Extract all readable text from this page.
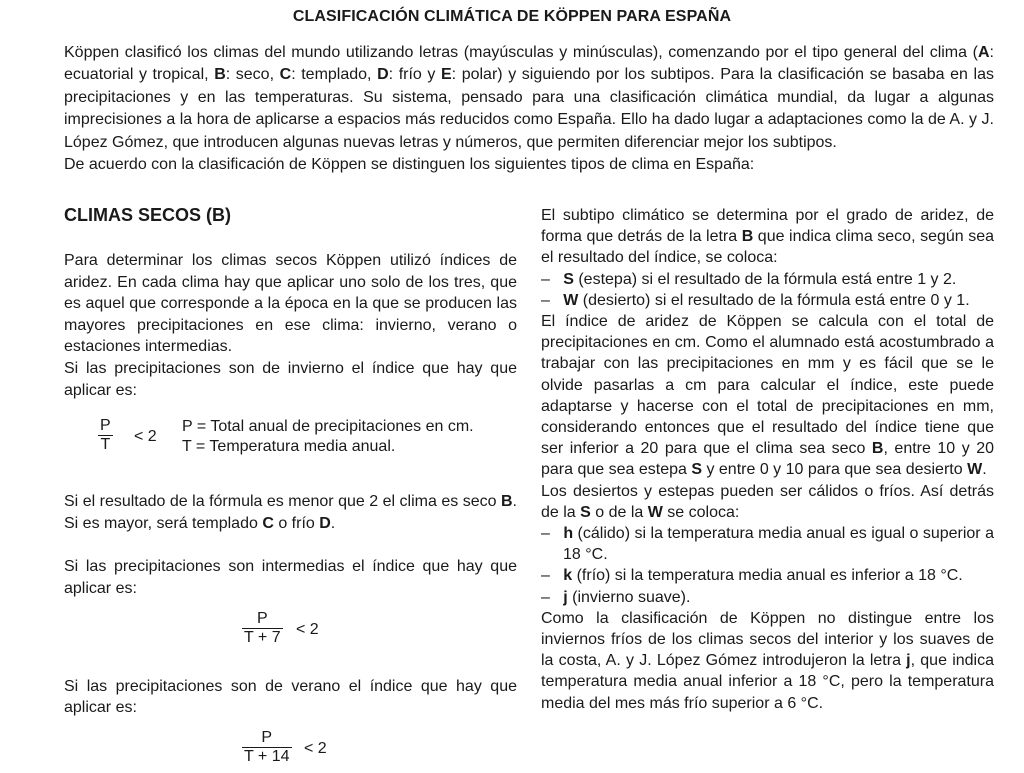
CLASIFICACIÓN CLIMÁTICA DE KÖPPEN PARA ESPAÑA

Köppen clasificó los climas del mundo utilizando letras (mayúsculas y minúsculas), comenzando por el tipo general del clima (A: ecuatorial y tropical, B: seco, C: templado, D: frío y E: polar) y siguiendo por los subtipos. Para la clasificación se basaba en las precipitaciones y en las temperaturas. Su sistema, pensado para una clasificación climática mundial, da lugar a algunas imprecisiones a la hora de aplicarse a espacios más reducidos como España. Ello ha dado lugar a adaptaciones como la de A. y J. López Gómez, que introducen algunas nuevas letras y números, que permiten diferenciar mejor los subtipos.

De acuerdo con la clasificación de Köppen se distinguen los siguientes tipos de clima en España:

CLIMAS SECOS (B)

Para determinar los climas secos Köppen utilizó índices de aridez. En cada clima hay que aplicar uno solo de los tres, que es aquel que corresponde a la época en la que se producen las mayores precipitaciones en ese clima: invierno, verano o estaciones intermedias.

Si las precipitaciones son de invierno el índice que hay que aplicar es:

$\frac{P}{T} < 2$
P = Total anual de precipitaciones en cm.
T = Temperatura media anual.

Si el resultado de la fórmula es menor que 2 el clima es seco B. Si es mayor, será templado C o frío D.

Si las precipitaciones son intermedias el índice que hay que aplicar es:

$\frac{P}{T + 7} < 2$

Si las precipitaciones son de verano el índice que hay que aplicar es:

$\frac{P}{T + 14} < 2$

El subtipo climático se determina por el grado de aridez, de forma que detrás de la letra B que indica clima seco, según sea el resultado del índice, se coloca:

–   S (estepa) si el resultado de la fórmula está entre 1 y 2.
–   W (desierto) si el resultado de la fórmula está entre 0 y 1.

El índice de aridez de Köppen se calcula con el total de precipitaciones en cm. Como el alumnado está acostumbrado a trabajar con las precipitaciones en mm y es fácil que se le olvide pasarlas a cm para calcular el índice, este puede adaptarse y hacerse con el total de precipitaciones en mm, considerando entonces que el resultado del índice tiene que ser inferior a 20 para que el clima sea seco B, entre 10 y 20 para que sea estepa S y entre 0 y 10 para que sea desierto W.

Los desiertos y estepas pueden ser cálidos o fríos. Así detrás de la S o de la W se coloca:

–   h (cálido) si la temperatura media anual es igual o superior a 18 °C.
–   k (frío) si la temperatura media anual es inferior a 18 °C.
–   j (invierno suave).

Como la clasificación de Köppen no distingue entre los inviernos fríos de los climas secos del interior y los suaves de la costa, A. y J. López Gómez introdujeron la letra j, que indica temperatura media anual inferior a 18 °C, pero la temperatura media del mes más frío superior a 6 °C.
